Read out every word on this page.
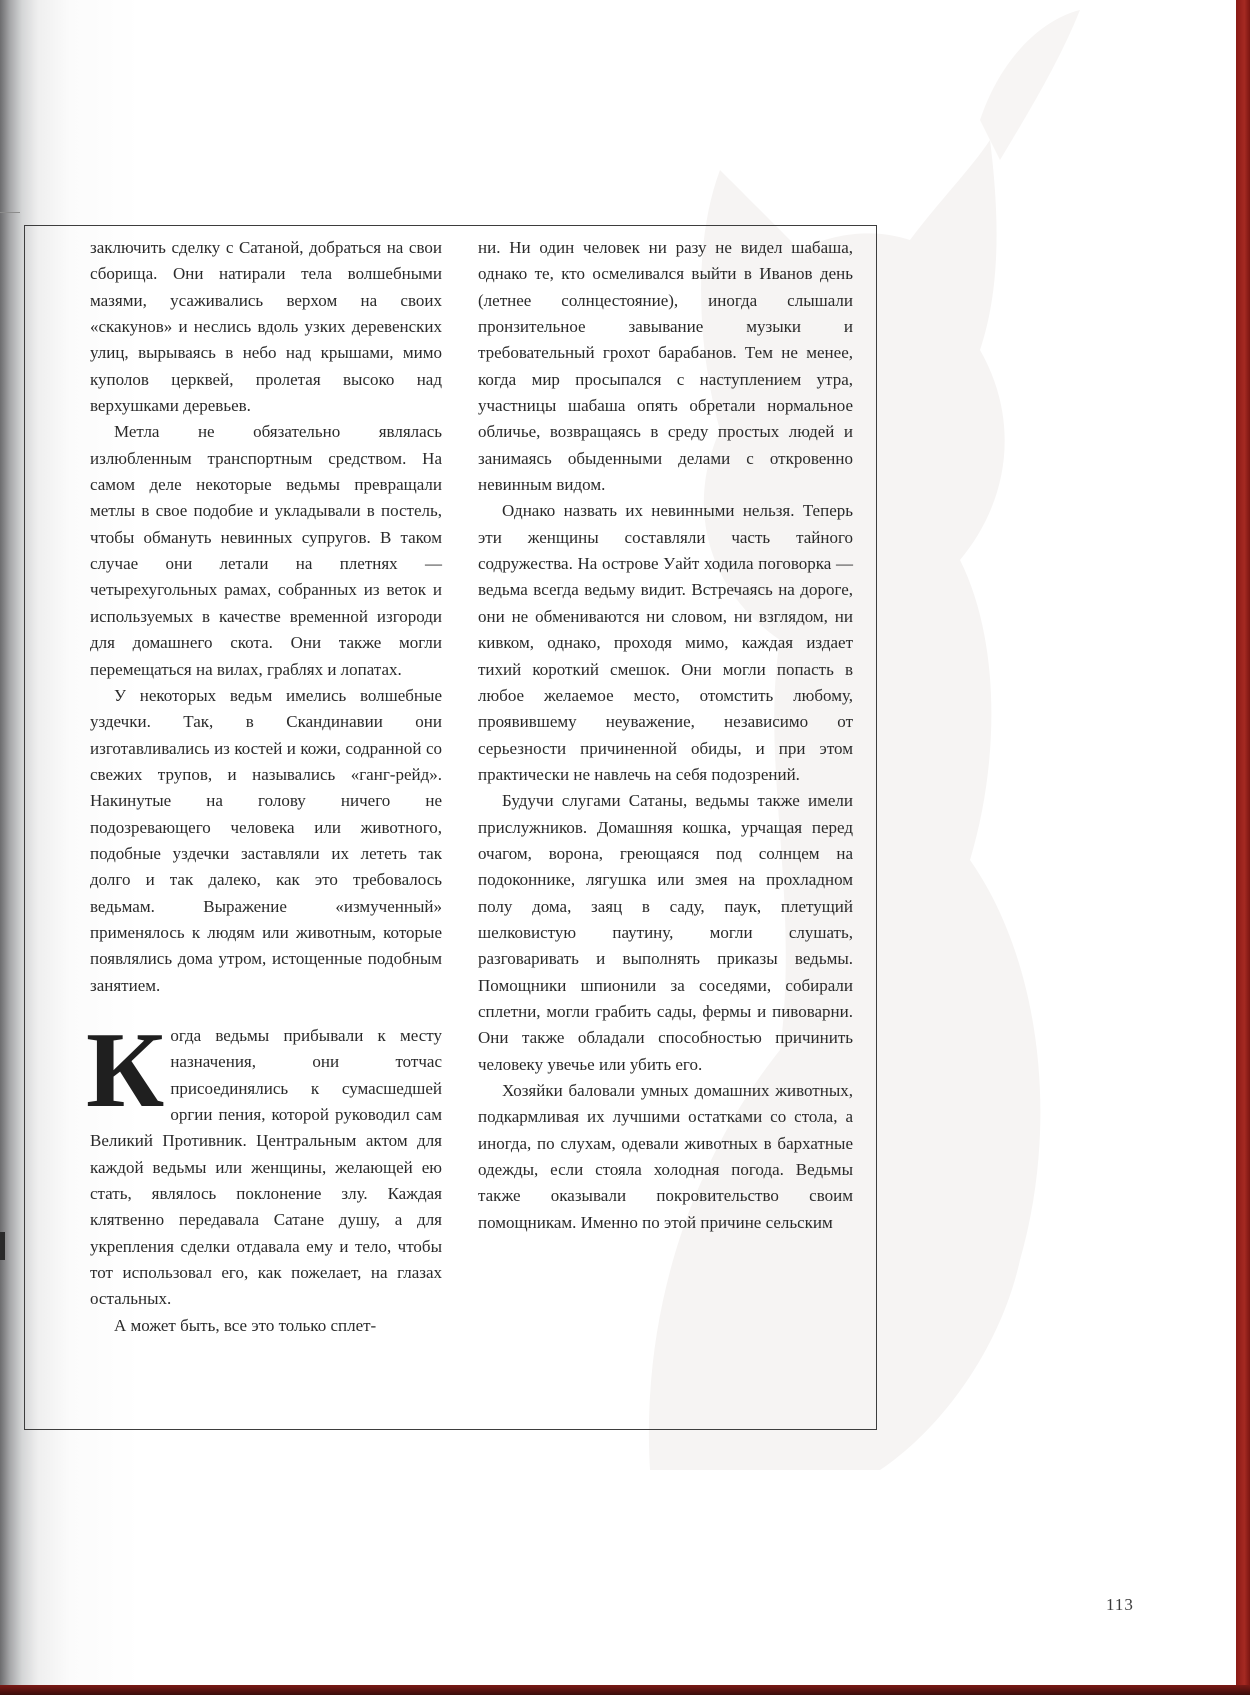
заключить сделку с Сатаной, добраться на свои сборища. Они натирали тела волшебными мазями, усаживались верхом на своих «скакунов» и неслись вдоль узких деревенских улиц, вырываясь в небо над крышами, мимо куполов церквей, пролетая высоко над верхушками деревьев.

Метла не обязательно являлась излюбленным транспортным средством. На самом деле некоторые ведьмы превращали метлы в свое подобие и укладывали в постель, чтобы обмануть невинных супругов. В таком случае они летали на плетнях — четырехугольных рамах, собранных из веток и используемых в качестве временной изгороди для домашнего скота. Они также могли перемещаться на вилах, граблях и лопатах.

У некоторых ведьм имелись волшебные уздечки. Так, в Скандинавии они изготавливались из костей и кожи, содранной со свежих трупов, и назывались «ганг-рейд». Накинутые на голову ничего не подозревающего человека или животного, подобные уздечки заставляли их лететь так долго и так далеко, как это требовалось ведьмам. Выражение «измученный» применялось к людям или животным, которые появлялись дома утром, истощенные подобным занятием.

Когда ведьмы прибывали к месту назначения, они тотчас присоединялись к сумасшедшей оргии пения, которой руководил сам Великий Противник. Центральным актом для каждой ведьмы или женщины, желающей ею стать, являлось поклонение злу. Каждая клятвенно передавала Сатане душу, а для укрепления сделки отдавала ему и тело, чтобы тот использовал его, как пожелает, на глазах остальных.

А может быть, все это только сплет-

ни. Ни один человек ни разу не видел шабаша, однако те, кто осмеливался выйти в Иванов день (летнее солнцестояние), иногда слышали пронзительное завывание музыки и требовательный грохот барабанов. Тем не менее, когда мир просыпался с наступлением утра, участницы шабаша опять обретали нормальное обличье, возвращаясь в среду простых людей и занимаясь обыденными делами с откровенно невинным видом.

Однако назвать их невинными нельзя. Теперь эти женщины составляли часть тайного содружества. На острове Уайт ходила поговорка — ведьма всегда ведьму видит. Встречаясь на дороге, они не обмениваются ни словом, ни взглядом, ни кивком, однако, проходя мимо, каждая издает тихий короткий смешок. Они могли попасть в любое желаемое место, отомстить любому, проявившему неуважение, независимо от серьезности причиненной обиды, и при этом практически не навлечь на себя подозрений.

Будучи слугами Сатаны, ведьмы также имели прислужников. Домашняя кошка, урчащая перед очагом, ворона, греющаяся под солнцем на подоконнике, лягушка или змея на прохладном полу дома, заяц в саду, паук, плетущий шелковистую паутину, могли слушать, разговаривать и выполнять приказы ведьмы. Помощники шпионили за соседями, собирали сплетни, могли грабить сады, фермы и пивоварни. Они также обладали способностью причинить человеку увечье или убить его.

Хозяйки баловали умных домашних животных, подкармливая их лучшими остатками со стола, а иногда, по слухам, одевали животных в бархатные одежды, если стояла холодная погода. Ведьмы также оказывали покровительство своим помощникам. Именно по этой причине сельским

113
